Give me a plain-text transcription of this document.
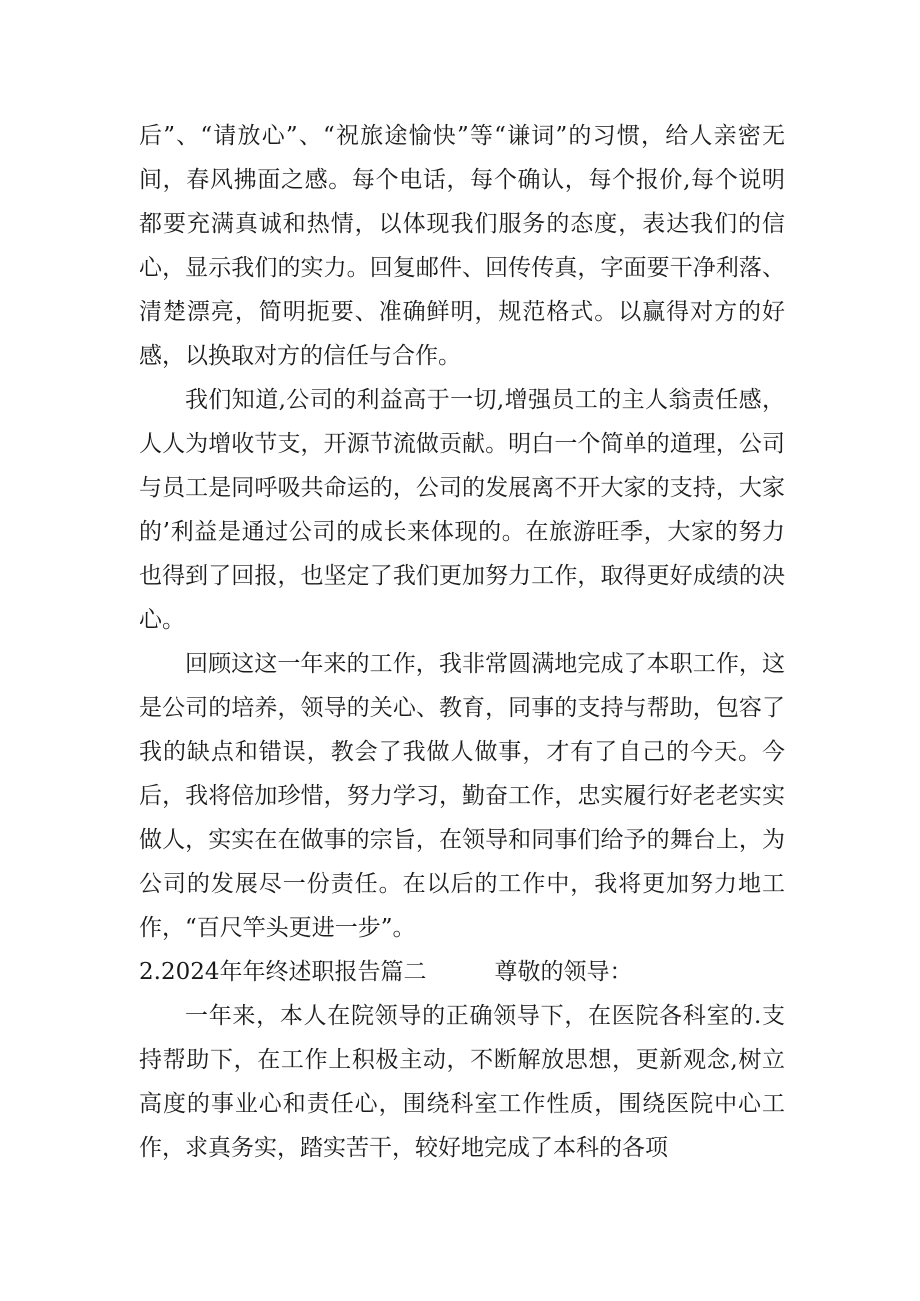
后”、“请放心”、“祝旅途愉快”等“谦词”的习惯，给人亲密无间，春风拂面之感。每个电话，每个确认，每个报价,每个说明都要充满真诚和热情，以体现我们服务的态度，表达我们的信心，显示我们的实力。回复邮件、回传传真，字面要干净利落、清楚漂亮，简明扼要、准确鲜明，规范格式。以赢得对方的好感，以换取对方的信任与合作。

我们知道,公司的利益高于一切,增强员工的主人翁责任感，人人为增收节支，开源节流做贡献。明白一个简单的道理，公司与员工是同呼吸共命运的，公司的发展离不开大家的支持，大家的’利益是通过公司的成长来体现的。在旅游旺季，大家的努力也得到了回报，也坚定了我们更加努力工作，取得更好成绩的决心。

回顾这这一年来的工作，我非常圆满地完成了本职工作，这是公司的培养，领导的关心、教育，同事的支持与帮助，包容了我的缺点和错误，教会了我做人做事，才有了自己的今天。今后，我将倍加珍惜，努力学习，勤奋工作，忠实履行好老老实实做人，实实在在做事的宗旨，在领导和同事们给予的舞台上，为公司的发展尽一份责任。在以后的工作中，我将更加努力地工作，“百尺竿头更进一步”。

2.2024年年终述职报告篇二	尊敬的领导：

一年来，本人在院领导的正确领导下，在医院各科室的.支持帮助下，在工作上积极主动，不断解放思想，更新观念,树立高度的事业心和责任心，围绕科室工作性质，围绕医院中心工作，求真务实，踏实苦干，较好地完成了本科的各项
